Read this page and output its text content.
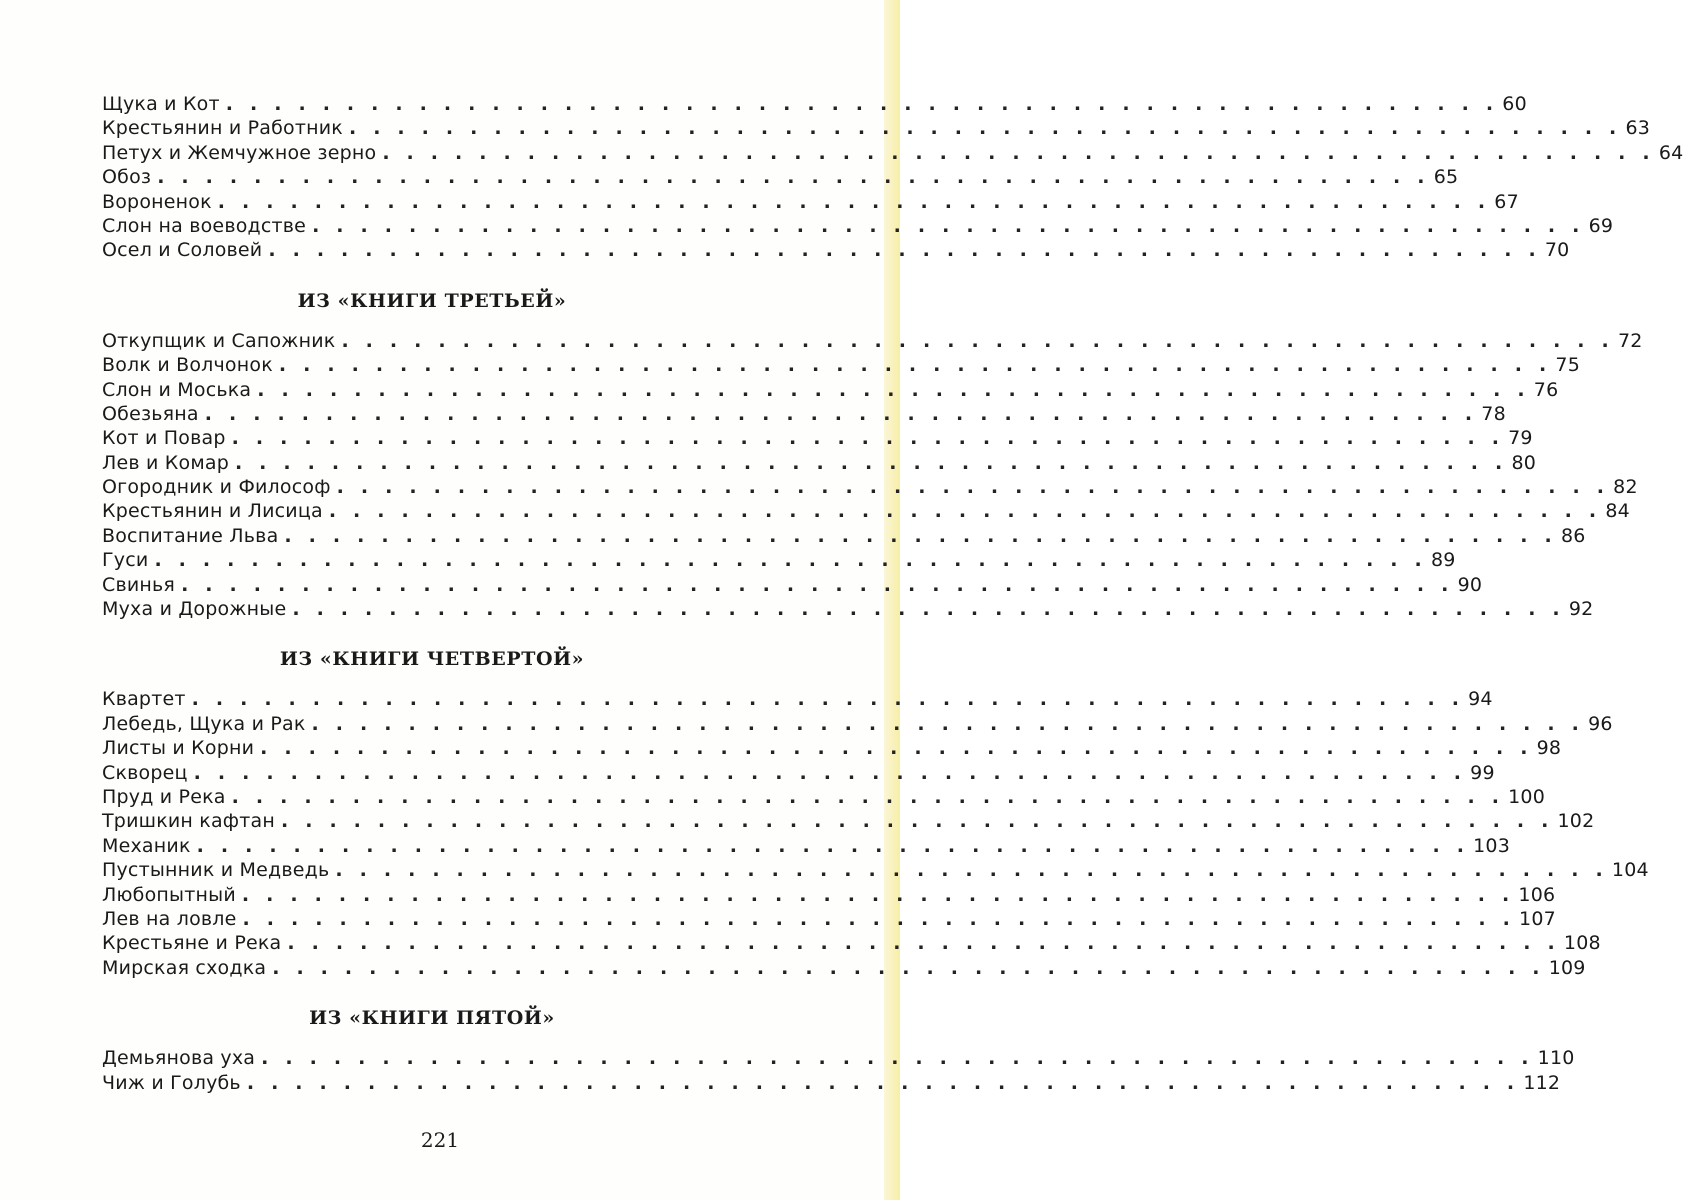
Щука и Кот . . . . . . . . . . . . . . . . . . . . . . . . . . . . . . . . . . . . . . . . . . . . . . . . . . . . . 60
Крестьянин и Работник . . . . . . . . . . . . . . . . . . . . . . . . . . . . . . . . . . . . . . . . . . . . . . . . . . . . . 63
Петух и Жемчужное зерно . . . . . . . . . . . . . . . . . . . . . . . . . . . . . . . . . . . . . . . . . . . . . . . . . . . . . 64
Обоз . . . . . . . . . . . . . . . . . . . . . . . . . . . . . . . . . . . . . . . . . . . . . . . . . . . . . 65
Вороненок . . . . . . . . . . . . . . . . . . . . . . . . . . . . . . . . . . . . . . . . . . . . . . . . . . . . . 67
Слон на воеводстве . . . . . . . . . . . . . . . . . . . . . . . . . . . . . . . . . . . . . . . . . . . . . . . . . . . . . 69
Осел и Соловей . . . . . . . . . . . . . . . . . . . . . . . . . . . . . . . . . . . . . . . . . . . . . . . . . . . . . 70
ИЗ «КНИГИ ТРЕТЬЕЙ»
Откупщик и Сапожник . . . . . . . . . . . . . . . . . . . . . . . . . . . . . . . . . . . . . . . . . . . . . . . . . . . . . 72
Волк и Волчонок . . . . . . . . . . . . . . . . . . . . . . . . . . . . . . . . . . . . . . . . . . . . . . . . . . . . . 75
Слон и Моська . . . . . . . . . . . . . . . . . . . . . . . . . . . . . . . . . . . . . . . . . . . . . . . . . . . . . 76
Обезьяна . . . . . . . . . . . . . . . . . . . . . . . . . . . . . . . . . . . . . . . . . . . . . . . . . . . . . 78
Кот и Повар . . . . . . . . . . . . . . . . . . . . . . . . . . . . . . . . . . . . . . . . . . . . . . . . . . . . . 79
Лев и Комар . . . . . . . . . . . . . . . . . . . . . . . . . . . . . . . . . . . . . . . . . . . . . . . . . . . . . 80
Огородник и Философ . . . . . . . . . . . . . . . . . . . . . . . . . . . . . . . . . . . . . . . . . . . . . . . . . . . . . 82
Крестьянин и Лисица . . . . . . . . . . . . . . . . . . . . . . . . . . . . . . . . . . . . . . . . . . . . . . . . . . . . . 84
Воспитание Льва . . . . . . . . . . . . . . . . . . . . . . . . . . . . . . . . . . . . . . . . . . . . . . . . . . . . . 86
Гуси . . . . . . . . . . . . . . . . . . . . . . . . . . . . . . . . . . . . . . . . . . . . . . . . . . . . . 89
Свинья . . . . . . . . . . . . . . . . . . . . . . . . . . . . . . . . . . . . . . . . . . . . . . . . . . . . . 90
Муха и Дорожные . . . . . . . . . . . . . . . . . . . . . . . . . . . . . . . . . . . . . . . . . . . . . . . . . . . . . 92
ИЗ «КНИГИ ЧЕТВЕРТОЙ»
Квартет . . . . . . . . . . . . . . . . . . . . . . . . . . . . . . . . . . . . . . . . . . . . . . . . . . . . . 94
Лебедь, Щука и Рак . . . . . . . . . . . . . . . . . . . . . . . . . . . . . . . . . . . . . . . . . . . . . . . . . . . . . 96
Листы и Корни . . . . . . . . . . . . . . . . . . . . . . . . . . . . . . . . . . . . . . . . . . . . . . . . . . . . . 98
Скворец . . . . . . . . . . . . . . . . . . . . . . . . . . . . . . . . . . . . . . . . . . . . . . . . . . . . . 99
Пруд и Река . . . . . . . . . . . . . . . . . . . . . . . . . . . . . . . . . . . . . . . . . . . . . . . . . . . . . 100
Тришкин кафтан . . . . . . . . . . . . . . . . . . . . . . . . . . . . . . . . . . . . . . . . . . . . . . . . . . . . . 102
Механик . . . . . . . . . . . . . . . . . . . . . . . . . . . . . . . . . . . . . . . . . . . . . . . . . . . . . 103
Пустынник и Медведь . . . . . . . . . . . . . . . . . . . . . . . . . . . . . . . . . . . . . . . . . . . . . . . . . . . . . 104
Любопытный . . . . . . . . . . . . . . . . . . . . . . . . . . . . . . . . . . . . . . . . . . . . . . . . . . . . . 106
Лев на ловле . . . . . . . . . . . . . . . . . . . . . . . . . . . . . . . . . . . . . . . . . . . . . . . . . . . . . 107
Крестьяне и Река . . . . . . . . . . . . . . . . . . . . . . . . . . . . . . . . . . . . . . . . . . . . . . . . . . . . . 108
Мирская сходка . . . . . . . . . . . . . . . . . . . . . . . . . . . . . . . . . . . . . . . . . . . . . . . . . . . . . 109
ИЗ «КНИГИ ПЯТОЙ»
Демьянова уха . . . . . . . . . . . . . . . . . . . . . . . . . . . . . . . . . . . . . . . . . . . . . . . . . . . . . 110
Чиж и Голубь . . . . . . . . . . . . . . . . . . . . . . . . . . . . . . . . . . . . . . . . . . . . . . . . . . . . . 112
221
